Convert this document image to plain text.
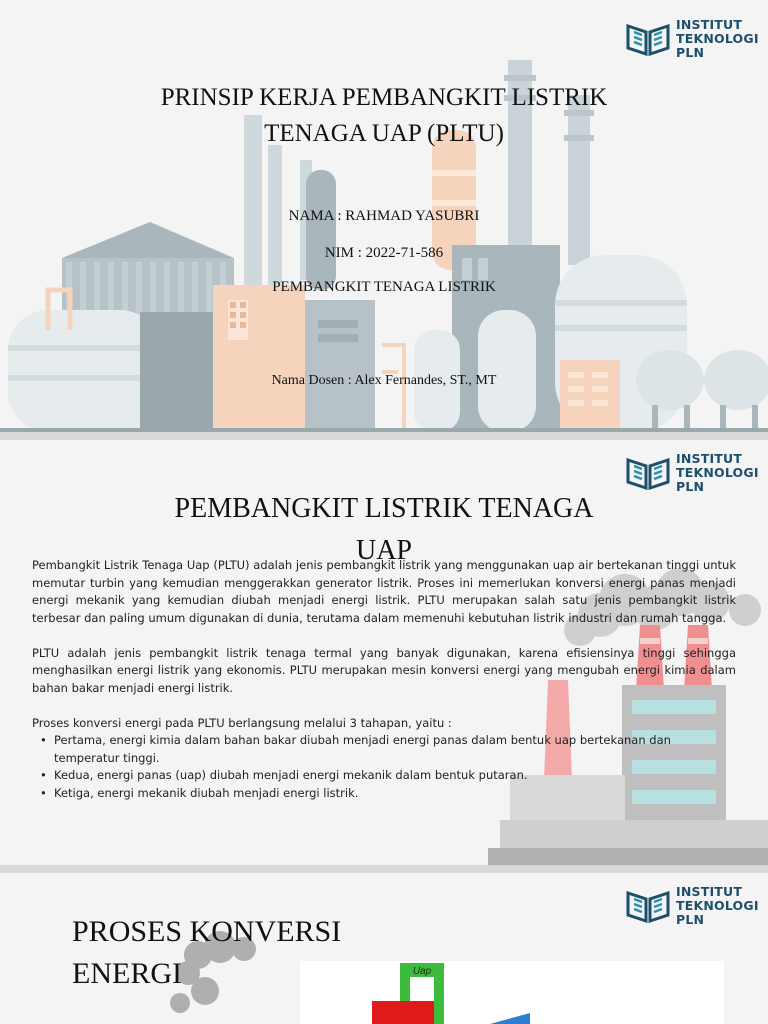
INSTITUT
TEKNOLOGI
PLN
PRINSIP KERJA PEMBANGKIT LISTRIK
TENAGA UAP (PLTU)
NAMA : RAHMAD YASUBRI
NIM : 2022-71-586
PEMBANGKIT TENAGA LISTRIK
Nama Dosen : Alex Fernandes, ST., MT
INSTITUT
TEKNOLOGI
PLN
PEMBANGKIT LISTRIK TENAGA
UAP

Pembangkit Listrik Tenaga Uap (PLTU) adalah jenis pembangkit listrik yang menggunakan uap air bertekanan tinggi untuk memutar turbin yang kemudian menggerakkan generator listrik. Proses ini memerlukan konversi energi panas menjadi energi mekanik yang kemudian diubah menjadi energi listrik. PLTU merupakan salah satu jenis pembangkit listrik terbesar dan paling umum digunakan di dunia, terutama dalam memenuhi kebutuhan listrik industri dan rumah tangga.

PLTU adalah jenis pembangkit listrik tenaga termal yang banyak digunakan, karena efisiensinya tinggi sehingga menghasilkan energi listrik yang ekonomis. PLTU merupakan mesin konversi energi yang mengubah energi kimia dalam bahan bakar menjadi energi listrik.

Proses konversi energi pada PLTU berlangsung melalui 3 tahapan, yaitu :

• Pertama, energi kimia dalam bahan bakar diubah menjadi energi panas dalam bentuk uap bertekanan dan temperatur tinggi.
• Kedua, energi panas (uap) diubah menjadi energi mekanik dalam bentuk putaran.
• Ketiga, energi mekanik diubah menjadi energi listrik.
Uap
INSTITUT
TEKNOLOGI
PLN
PROSES KONVERSI
ENERGI
